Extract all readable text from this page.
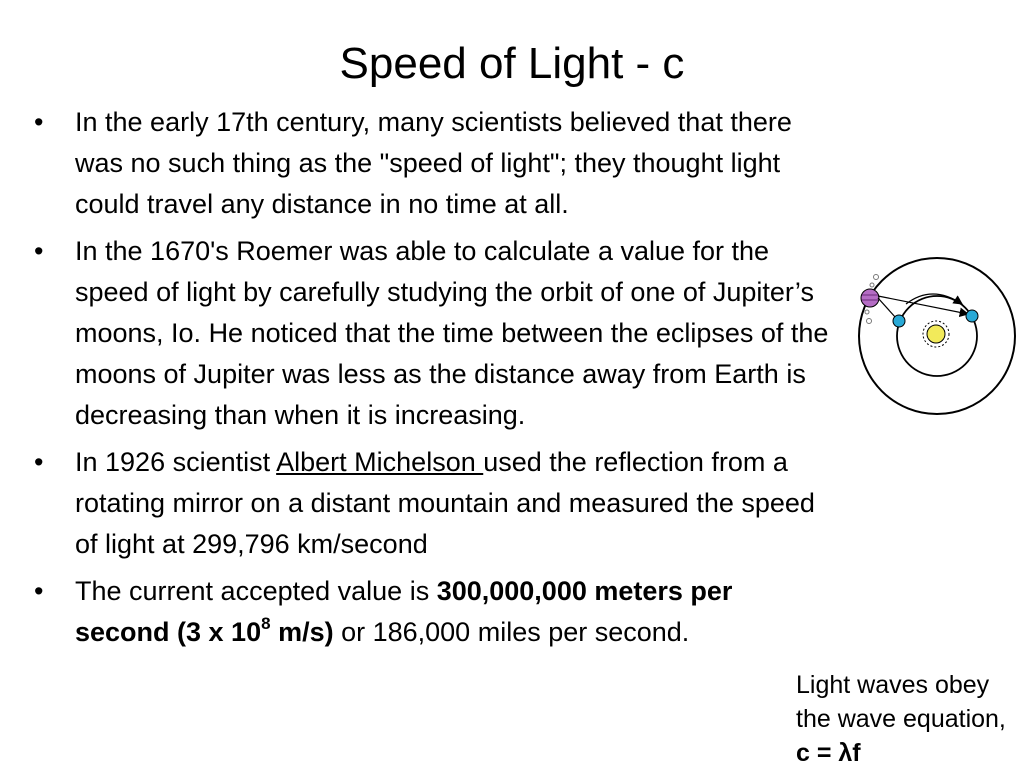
Speed of Light - c
• In the early 17th century, many scientists believed that there was no such thing as the "speed of light"; they thought light could travel any distance in no time at all.
• In the 1670's Roemer was able to calculate a value for the speed of light by carefully studying the orbit of one of Jupiter’s moons, Io. He noticed that the time between the eclipses of the moons of Jupiter was less as the distance away from Earth is decreasing than when it is increasing.
• In 1926 scientist Albert Michelson used the reflection from a rotating mirror on a distant mountain and measured the speed of light at 299,796 km/second
• The current accepted value is 300,000,000 meters per second (3 x $10^8$ m/s) or 186,000 miles per second.
Light waves obey the wave equation, c = λf
